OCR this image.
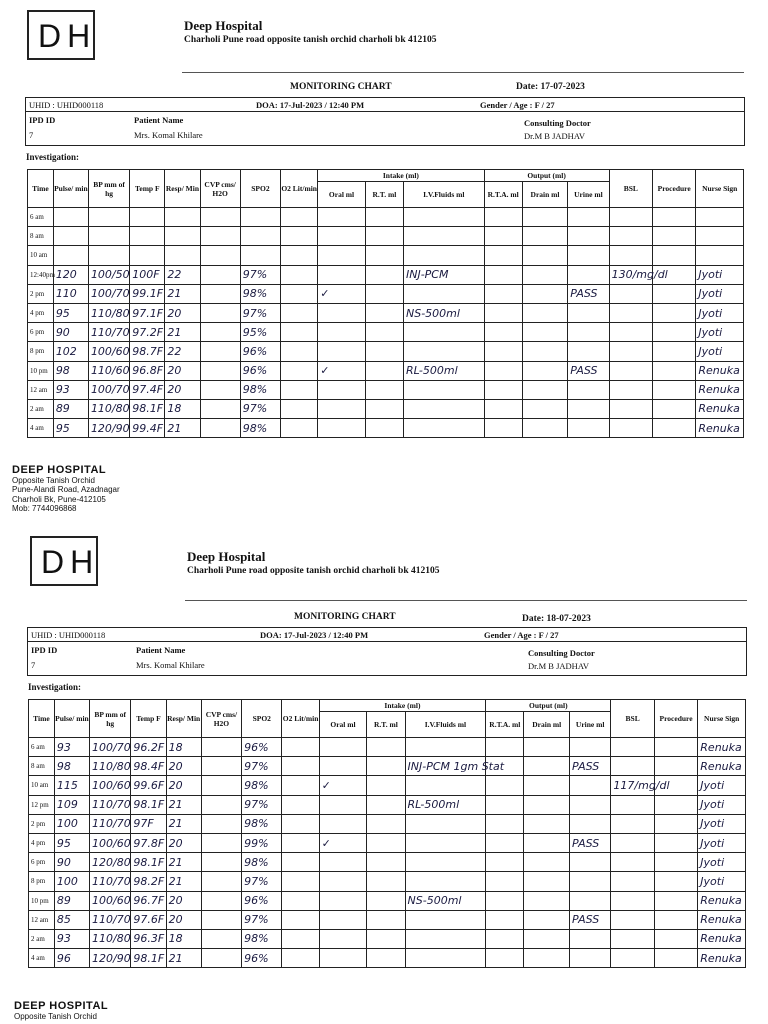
DH	Deep Hospital
Charholi Pune road opposite tanish orchid charholi bk 412105
MONITORING CHART	Date: 17-07-2023
UHID : UHID000118	DOA: 17-Jul-2023 / 12:40 PM	Gender / Age : F / 27
IPD ID
7
Patient Name
Mrs. Komal Khilare
Consulting Doctor
Dr.M B JADHAV
Investigation:
Time	Pulse/ min	BP mm of hg	Temp F	Resp/ Min	CVP cms/ H2O	SPO2	O2 Lit/min	Intake (ml)			Output (ml)			BSL	Procedure	Nurse Sign
								Oral ml	R.T. ml	I.V.Fluids ml	R.T.A. ml	Drain ml	Urine ml			
6 am																
8 am																
10 am																
12:40pm	120	100/50	100F	22		97%				INJ-PCM				130/mg/dl		Jyoti
2 pm	110	100/70	99.1F	21		98%		✓					PASS			Jyoti
4 pm	95	110/80	97.1F	20		97%				NS-500ml						Jyoti
6 pm	90	110/70	97.2F	21		95%										Jyoti
8 pm	102	100/60	98.7F	22		96%										Jyoti
10 pm	98	110/60	96.8F	20		96%		✓		RL-500ml			PASS			Renuka
12 am	93	100/70	97.4F	20		98%										Renuka
2 am	89	110/80	98.1F	18		97%										Renuka
4 am	95	120/90	99.4F	21		98%										Renuka
DEEP HOSPITAL
Opposite Tanish Orchid
Pune-Alandi Road, Azadnagar
Charholi Bk, Pune-412105
Mob: 7744096868
DH	Deep Hospital
Charholi Pune road opposite tanish orchid charholi bk 412105
MONITORING CHART	Date: 18-07-2023
UHID : UHID000118	DOA: 17-Jul-2023 / 12:40 PM	Gender / Age : F / 27
IPD ID
7
Patient Name
Mrs. Komal Khilare
Consulting Doctor
Dr.M B JADHAV
Investigation:
Time	Pulse/ min	BP mm of hg	Temp F	Resp/ Min	CVP cms/ H2O	SPO2	O2 Lit/min	Intake (ml)			Output (ml)			BSL	Procedure	Nurse Sign
								Oral ml	R.T. ml	I.V.Fluids ml	R.T.A. ml	Drain ml	Urine ml			
6 am	93	100/70	96.2F	18		96%										Renuka
8 am	98	110/80	98.4F	20		97%				INJ-PCM 1gm Stat			PASS			Renuka
10 am	115	100/60	99.6F	20		98%		✓						117/mg/dl		Jyoti
12 pm	109	110/70	98.1F	21		97%				RL-500ml						Jyoti
2 pm	100	110/70	97F	21		98%										Jyoti
4 pm	95	100/60	97.8F	20		99%		✓					PASS			Jyoti
6 pm	90	120/80	98.1F	21		98%										Jyoti
8 pm	100	110/70	98.2F	21		97%										Jyoti
10 pm	89	100/60	96.7F	20		96%				NS-500ml						Renuka
12 am	85	110/70	97.6F	20		97%							PASS			Renuka
2 am	93	110/80	96.3F	18		98%										Renuka
4 am	96	120/90	98.1F	21		96%										Renuka
DEEP HOSPITAL
Opposite Tanish Orchid
